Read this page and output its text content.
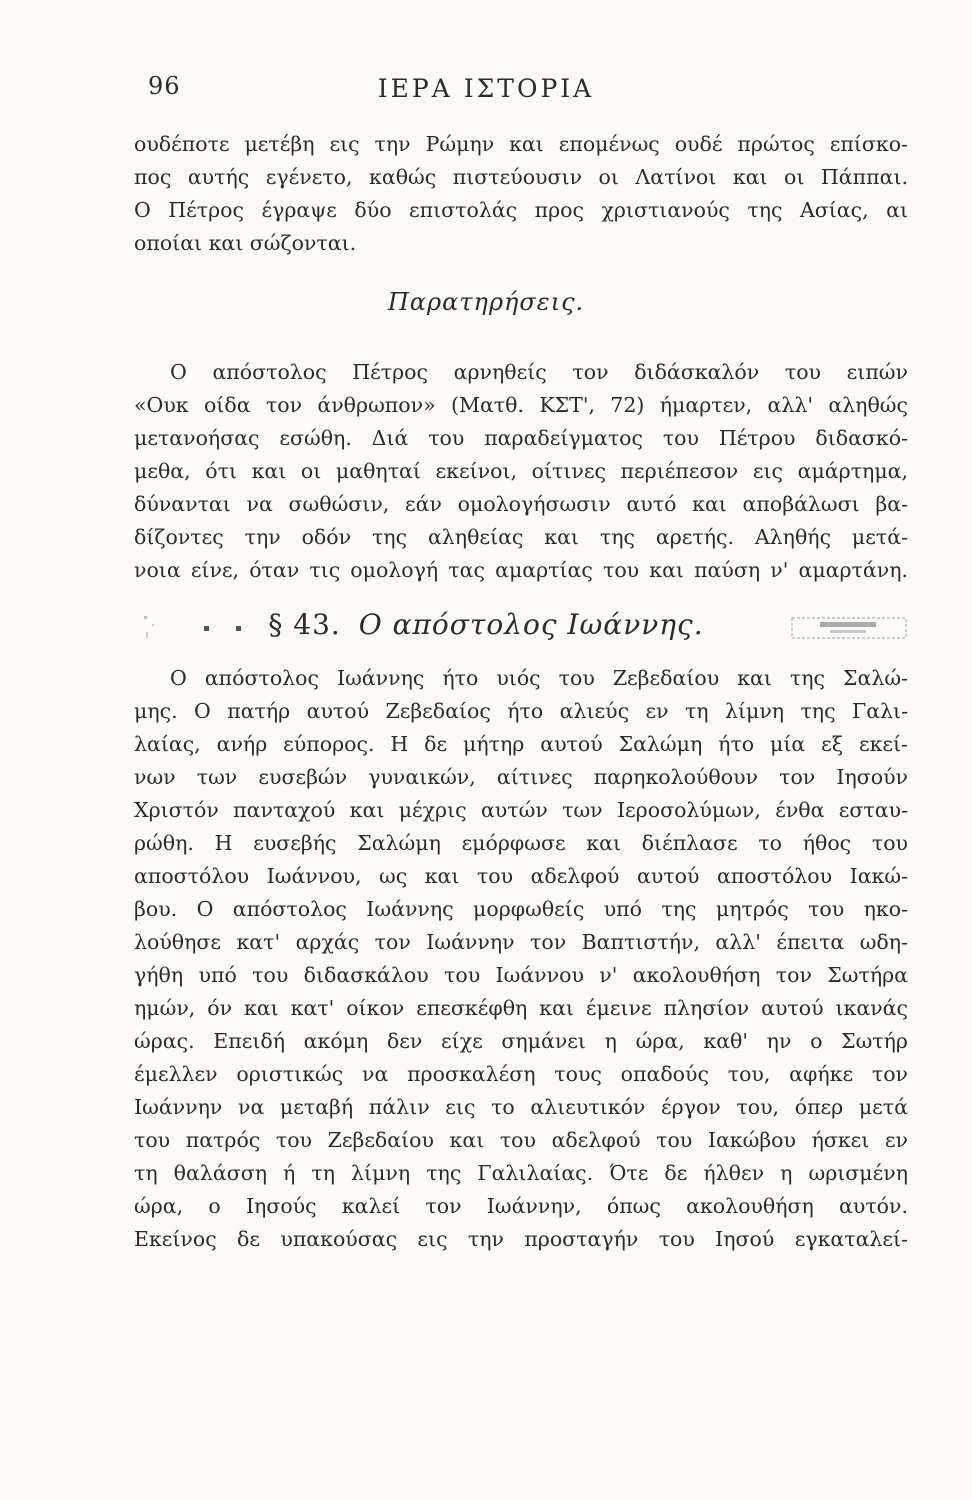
96	ΙΕΡΑ ΙΣΤΟΡΙΑ
ουδέποτε μετέβη εις την Ρώμην και επομένως ουδέ πρώτος επίσκο-
πος αυτής εγένετο, καθώς πιστεύουσιν οι Λατίνοι και οι Πάππαι.
Ο Πέτρος έγραψε δύο επιστολάς προς χριστιανούς της Ασίας, αι
οποίαι και σώζονται.
Παρατηρήσεις.
Ο απόστολος Πέτρος αρνηθείς τον διδάσκαλόν του ειπών
«Ουκ οίδα τον άνθρωπον» (Ματθ. ΚΣΤ', 72) ήμαρτεν, αλλ' αληθώς
μετανοήσας εσώθη. Διά του παραδείγματος του Πέτρου διδασκό-
μεθα, ότι και οι μαθηταί εκείνοι, οίτινες περιέπεσον εις αμάρτημα,
δύνανται να σωθώσιν, εάν ομολογήσωσιν αυτό και αποβάλωσι βα-
δίζοντες την οδόν της αληθείας και της αρετής. Αληθής μετά-
νοια είνε, όταν τις ομολογή τας αμαρτίας του και παύση ν' αμαρτάνη.
§ 43. Ο απόστολος Ιωάννης.
Ο απόστολος Ιωάννης ήτο υιός του Ζεβεδαίου και της Σαλώ-
μης. Ο πατήρ αυτού Ζεβεδαίος ήτο αλιεύς εν τη λίμνη της Γαλι-
λαίας, ανήρ εύπορος. Η δε μήτηρ αυτού Σαλώμη ήτο μία εξ εκεί-
νων των ευσεβών γυναικών, αίτινες παρηκολούθουν τον Ιησούν
Χριστόν πανταχού και μέχρις αυτών των Ιεροσολύμων, ένθα εσταυ-
ρώθη. Η ευσεβής Σαλώμη εμόρφωσε και διέπλασε το ήθος του
αποστόλου Ιωάννου, ως και του αδελφού αυτού αποστόλου Ιακώ-
βου. Ο απόστολος Ιωάννης μορφωθείς υπό της μητρός του ηκο-
λούθησε κατ' αρχάς τον Ιωάννην τον Βαπτιστήν, αλλ' έπειτα ωδη-
γήθη υπό του διδασκάλου του Ιωάννου ν' ακολουθήση τον Σωτήρα
ημών, όν και κατ' οίκον επεσκέφθη και έμεινε πλησίον αυτού ικανάς
ώρας. Επειδή ακόμη δεν είχε σημάνει η ώρα, καθ' ην ο Σωτήρ
έμελλεν οριστικώς να προσκαλέση τους οπαδούς του, αφήκε τον
Ιωάννην να μεταβή πάλιν εις το αλιευτικόν έργον του, όπερ μετά
του πατρός του Ζεβεδαίου και του αδελφού του Ιακώβου ήσκει εν
τη θαλάσση ή τη λίμνη της Γαλιλαίας. Ότε δε ήλθεν η ωρισμένη
ώρα, ο Ιησούς καλεί τον Ιωάννην, όπως ακολουθήση αυτόν.
Εκείνος δε υπακούσας εις την προσταγήν του Ιησού εγκαταλεί-
